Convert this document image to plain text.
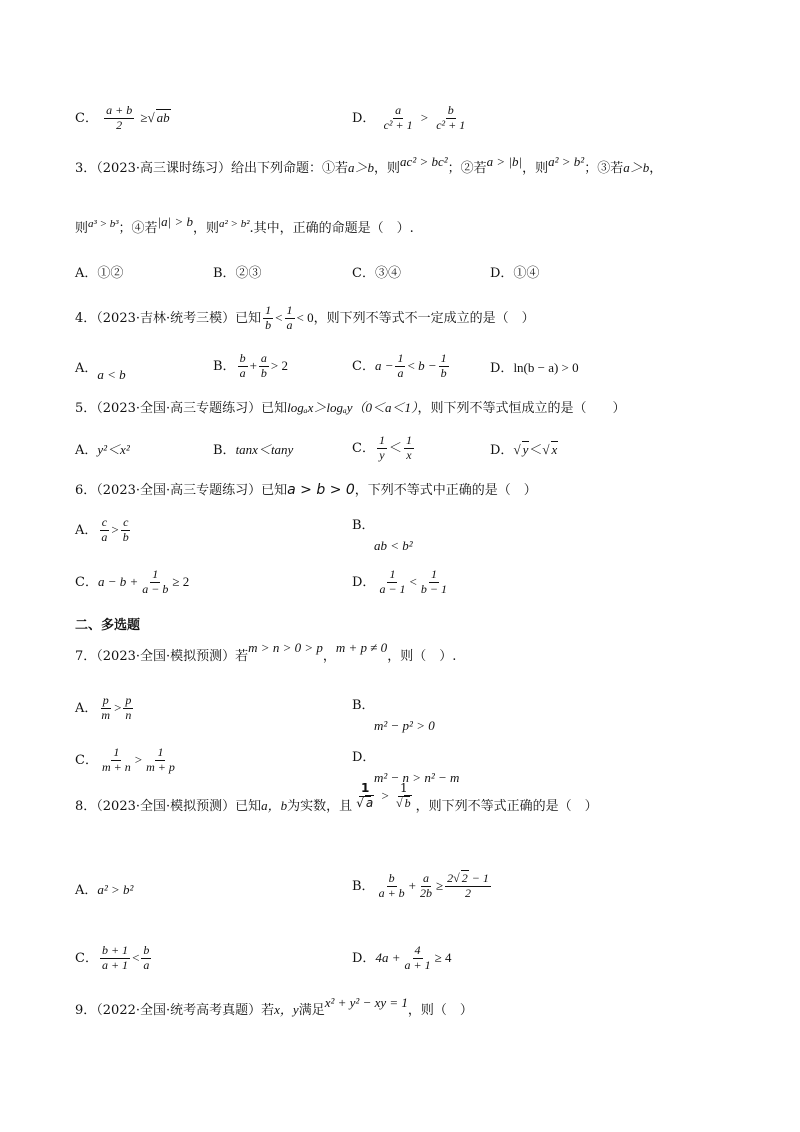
C． $\frac{a + b}{2}$ ≥√ ab	D． $\frac{a}{\text{c² + 1}} > \frac{b}{\text{c² + 1}}$
3．（2023·高三课时练习）给出下列命题：①若a＞b，则ac² > bc²；②若a > |b|，则a² > b²；③若a＞b，
则$^{a^3 > b^3}$；④若|a| > b，则$^{a^2 > b^2}$.其中，正确的命题是（　）.
A．①②	B．②③	C．③④	D．①④
4．（2023·吉林·统考三模）已知 $\frac{1}{b} < \frac{1}{a} < 0$，则下列不等式不一定成立的是（　）
A．a < b
B． $\frac{b}{a} + \frac{a}{b} > 2$	C．$a - \frac{1}{a} < b - \frac{1}{b}$	D．ln(b − a) > 0
5．（2023·全国·高三专题练习）已知logₐx＞logₐy（0＜a＜1），则下列不等式恒成立的是（　　）
A．y²＜x²	B．tanx＜tany	C． $\frac{1}{y} < \frac{1}{x}$	D．√ y＜√ x
6．（2023·全国·高三专题练习）已知a > b > 0，下列不等式中正确的是（　）
A． $\frac{c}{a} > \frac{c}{b}$	B．
ab < b²
C．$a - b + \frac{1}{a - b} \ge 2$	D． $\frac{1}{a - 1} < \frac{1}{b - 1}$
二、多选题
7．（2023·全国·模拟预测）若m > n > 0 > p，m + p ≠ 0，则（　）.
A． $\frac{p}{m} > \frac{p}{n}$	B．
m² − p² > 0
C． $\frac{1}{m + n} > \frac{1}{m + p}$	D．
m² − n > n² − m
8．（2023·全国·模拟预测）已知a，b为实数，且 $\frac{1}{√ a} > \frac{1}{√ b}$ ，则下列不等式正确的是（　）
A．a² > b²	B． $\frac{b}{a + b} + \frac{a}{2b} \ge \frac{2√ 2 - 1}{2}$
C． $\frac{b + 1}{a + 1} < \frac{b}{a}$	D．$4a + \frac{4}{a + 1} \ge 4$
9．（2022·全国·统考高考真题）若x，y满足x² + y² − xy = 1，则（　）
